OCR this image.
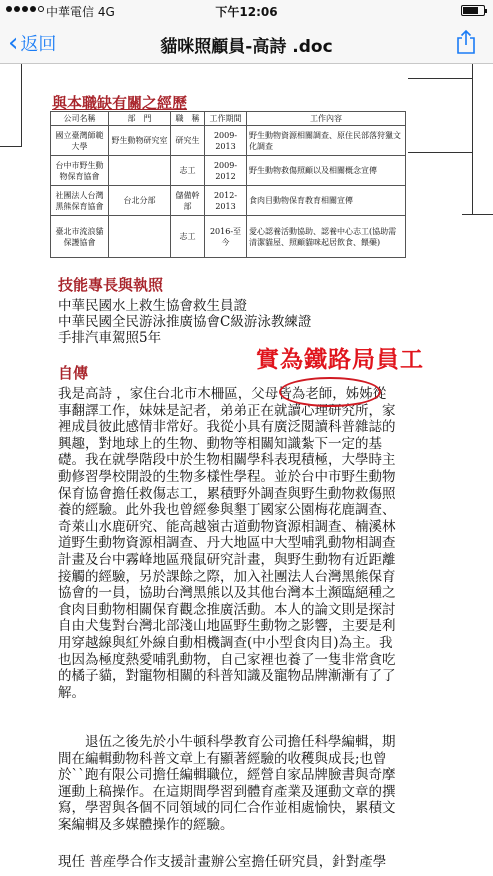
中華電信 4G	下午12:06
‹ 返回	貓咪照顧員-高詩 .doc
與本職缺有關之經歷
公司名稱	部　門	職　稱	工作期間	工作內容
國立臺灣師範大學	野生動物研究室	研究生	2009-2013	野生動物資源相關調查、原住民部落狩獵文化調查
台中市野生動物保育協會		志工	2009-2012	野生動物救傷照顧以及相關概念宣傳
社團法人台灣黑熊保育協會	台北分部	儲備幹部	2012-2013	食肉目動物保育教育相關宣傳
臺北市流浪貓保護協會		志工	2016-至今	愛心認養活動協助、認養中心志工(協助需清潔貓屋、照顧貓咪起居飲食、餵藥)
技能專長與執照
中華民國水上救生協會救生員證
中華民國全民游泳推廣協會C級游泳教練證
手排汽車駕照5年
實為鐵路局員工
自傳
我是高詩 ，家住台北市木柵區，父母皆為老師，姊姊從
事翻譯工作，妹妹是記者，弟弟正在就讀心理研究所，家
裡成員彼此感情非常好。我從小具有廣泛閱讀科普雜誌的
興趣，對地球上的生物、動物等相關知識紮下一定的基
礎。我在就學階段中於生物相關學科表現積極，大學時主
動修習學校開設的生物多樣性學程。並於台中市野生動物
保育協會擔任救傷志工，累積野外調查與野生動物救傷照
養的經驗。此外我也曾經參與墾丁國家公園梅花鹿調查、
奇萊山水鹿研究、能高越嶺古道動物資源相調查、楠溪林
道野生動物資源相調查、丹大地區中大型哺乳動物相調查
計畫及台中霧峰地區飛鼠研究計畫，與野生動物有近距離
接觸的經驗，另於課餘之際，加入社團法人台灣黑熊保育
協會的一員，協助台灣黑熊以及其他台灣本土瀕臨絕種之
食肉目動物相關保育觀念推廣活動。本人的論文則是探討
自由犬隻對台灣北部淺山地區野生動物之影響，主要是利
用穿越線與紅外線自動相機調查(中小型食肉目)為主。我
也因為極度熱愛哺乳動物，自己家裡也養了一隻非常貪吃
的橘子貓，對寵物相關的科普知識及寵物品牌漸漸有了了
解。
　　退伍之後先於小牛頓科學教育公司擔任科學編輯，期
間在編輯動物科普文章上有顯著經驗的收穫與成長;也曾
於``跑有限公司擔任編輯職位，經營自家品牌臉書與奇摩
運動上稿操作。在這期間學習到體育產業及運動文章的撰
寫，學習與各個不同領域的同仁合作並相處愉快，累積文
案編輯及多媒體操作的經驗。
現任 普産學合作支援計畫辦公室擔任研究員，針對產學
